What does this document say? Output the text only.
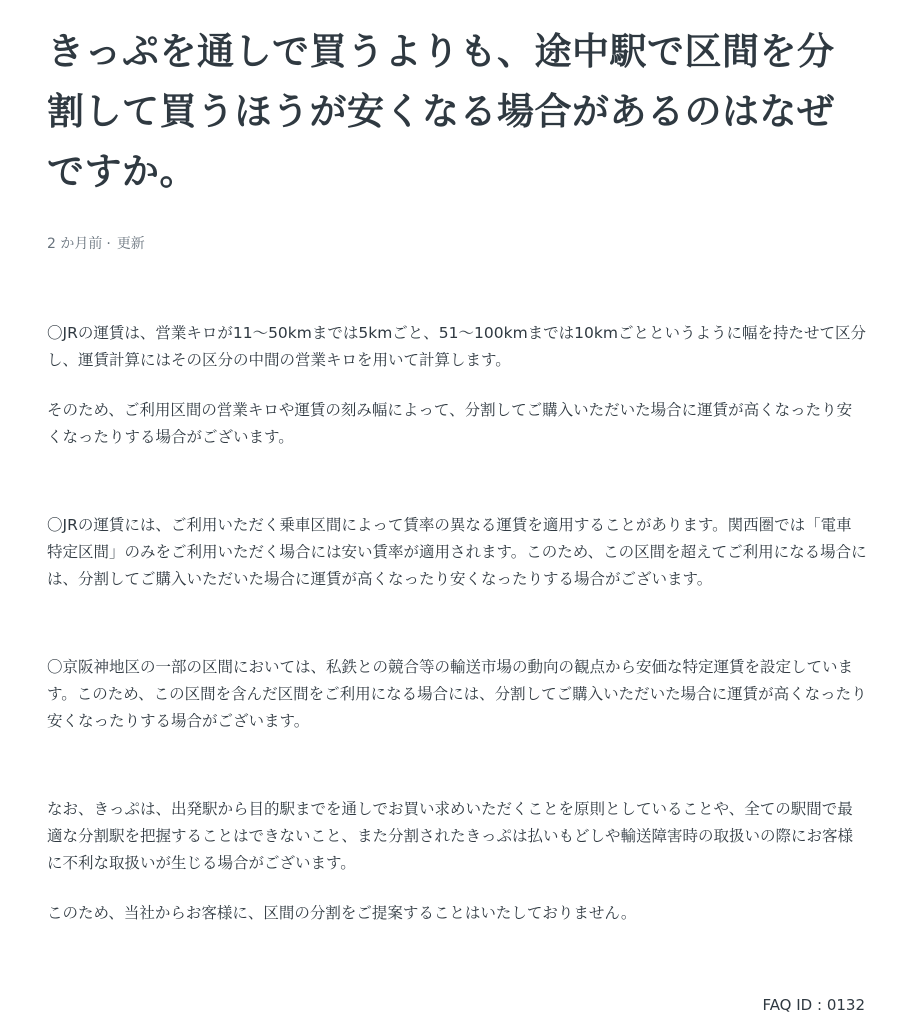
きっぷを通しで買うよりも、途中駅で区間を分割して買うほうが安くなる場合があるのはなぜですか。
2 か月前 · 更新

〇JRの運賃は、営業キロが11〜50kmまでは5kmごと、51〜100kmまでは10kmごとというように幅を持たせて区分し、運賃計算にはその区分の中間の営業キロを用いて計算します。

そのため、ご利用区間の営業キロや運賃の刻み幅によって、分割してご購入いただいた場合に運賃が高くなったり安くなったりする場合がございます。

〇JRの運賃には、ご利用いただく乗車区間によって賃率の異なる運賃を適用することがあります。関西圏では「電車特定区間」のみをご利用いただく場合には安い賃率が適用されます。このため、この区間を超えてご利用になる場合には、分割してご購入いただいた場合に運賃が高くなったり安くなったりする場合がございます。

〇京阪神地区の一部の区間においては、私鉄との競合等の輸送市場の動向の観点から安価な特定運賃を設定しています。このため、この区間を含んだ区間をご利用になる場合には、分割してご購入いただいた場合に運賃が高くなったり安くなったりする場合がございます。

なお、きっぷは、出発駅から目的駅までを通しでお買い求めいただくことを原則としていることや、全ての駅間で最適な分割駅を把握することはできないこと、また分割されたきっぷは払いもどしや輸送障害時の取扱いの際にお客様に不利な取扱いが生じる場合がございます。

このため、当社からお客様に、区間の分割をご提案することはいたしておりません。

FAQ ID : 0132
